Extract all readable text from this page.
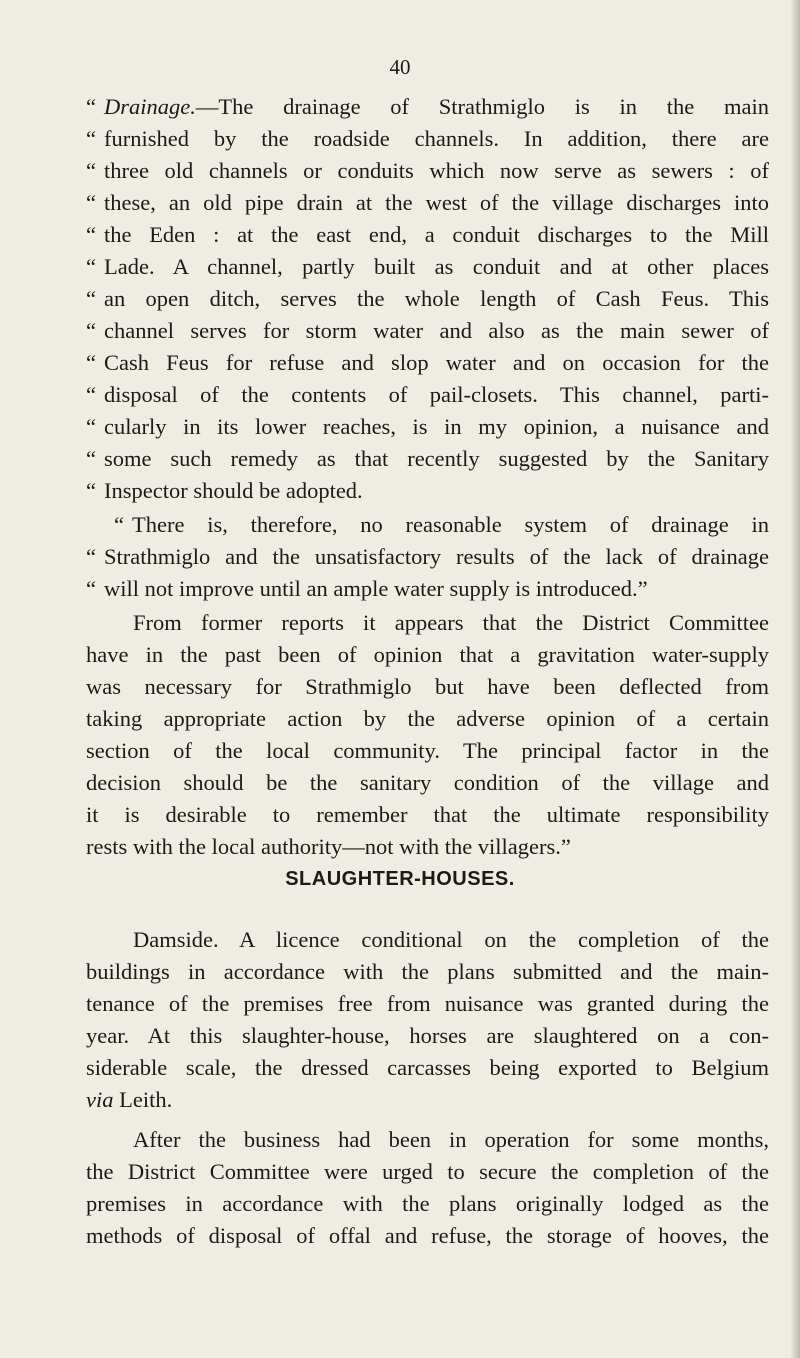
40
“ Drainage.—The drainage of Strathmiglo is in the main
“ furnished by the roadside channels. In addition, there are
“ three old channels or conduits which now serve as sewers : of
“ these, an old pipe drain at the west of the village discharges into
“ the Eden : at the east end, a conduit discharges to the Mill
“ Lade. A channel, partly built as conduit and at other places
“ an open ditch, serves the whole length of Cash Feus. This
“ channel serves for storm water and also as the main sewer of
“ Cash Feus for refuse and slop water and on occasion for the
“ disposal of the contents of pail-closets. This channel, parti-
“ cularly in its lower reaches, is in my opinion, a nuisance and
“ some such remedy as that recently suggested by the Sanitary
“ Inspector should be adopted.
“ There is, therefore, no reasonable system of drainage in
“ Strathmiglo and the unsatisfactory results of the lack of drainage
“ will not improve until an ample water supply is introduced.”
From former reports it appears that the District Committee
have in the past been of opinion that a gravitation water-supply
was necessary for Strathmiglo but have been deflected from
taking appropriate action by the adverse opinion of a certain
section of the local community. The principal factor in the
decision should be the sanitary condition of the village and
it is desirable to remember that the ultimate responsibility
rests with the local authority—not with the villagers.”
SLAUGHTER-HOUSES.
Damside. A licence conditional on the completion of the
buildings in accordance with the plans submitted and the main-
tenance of the premises free from nuisance was granted during the
year. At this slaughter-house, horses are slaughtered on a con-
siderable scale, the dressed carcasses being exported to Belgium
via Leith.
After the business had been in operation for some months,
the District Committee were urged to secure the completion of the
premises in accordance with the plans originally lodged as the
methods of disposal of offal and refuse, the storage of hooves, the
